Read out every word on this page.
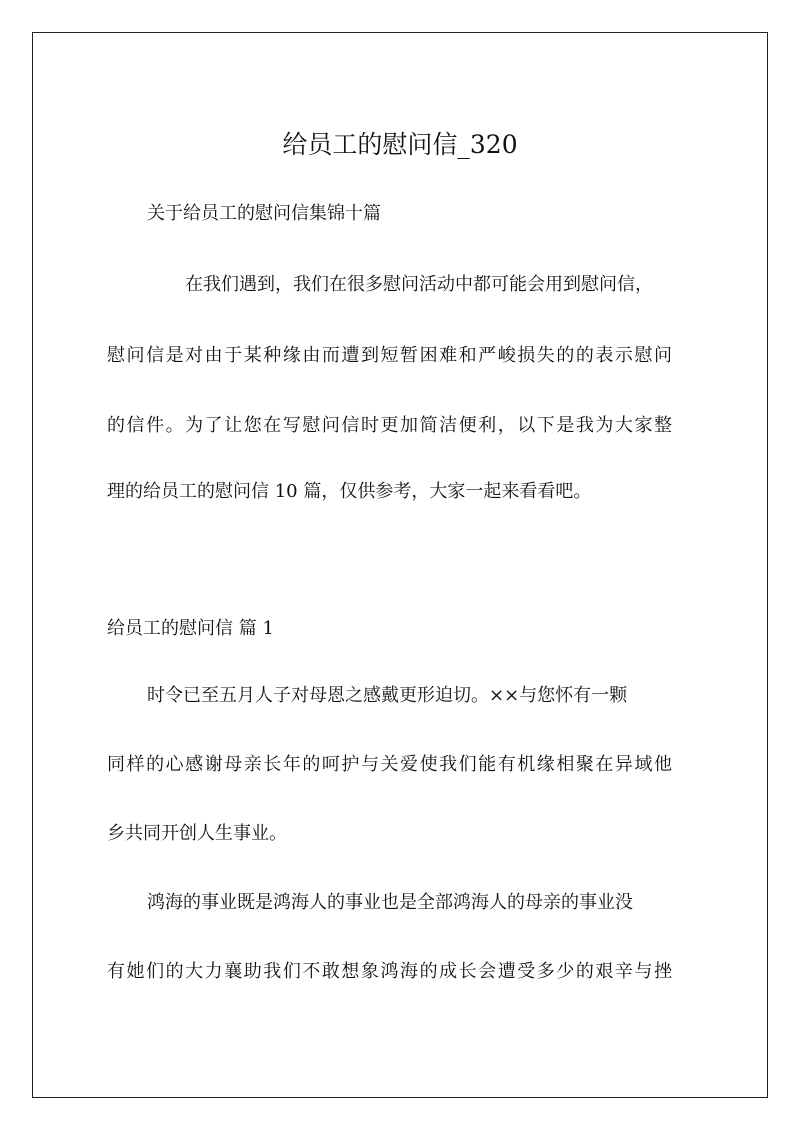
给员工的慰问信_320

关于给员工的慰问信集锦十篇

在我们遇到，我们在很多慰问活动中都可能会用到慰问信，

慰问信是对由于某种缘由而遭到短暂困难和严峻损失的的表示慰问

的信件。为了让您在写慰问信时更加简洁便利，以下是我为大家整

理的给员工的慰问信 10 篇，仅供参考，大家一起来看看吧。

给员工的慰问信 篇 1

时令已至五月人子对母恩之感戴更形迫切。××与您怀有一颗

同样的心感谢母亲长年的呵护与关爱使我们能有机缘相聚在异域他

乡共同开创人生事业。

鸿海的事业既是鸿海人的事业也是全部鸿海人的母亲的事业没

有她们的大力襄助我们不敢想象鸿海的成长会遭受多少的艰辛与挫
